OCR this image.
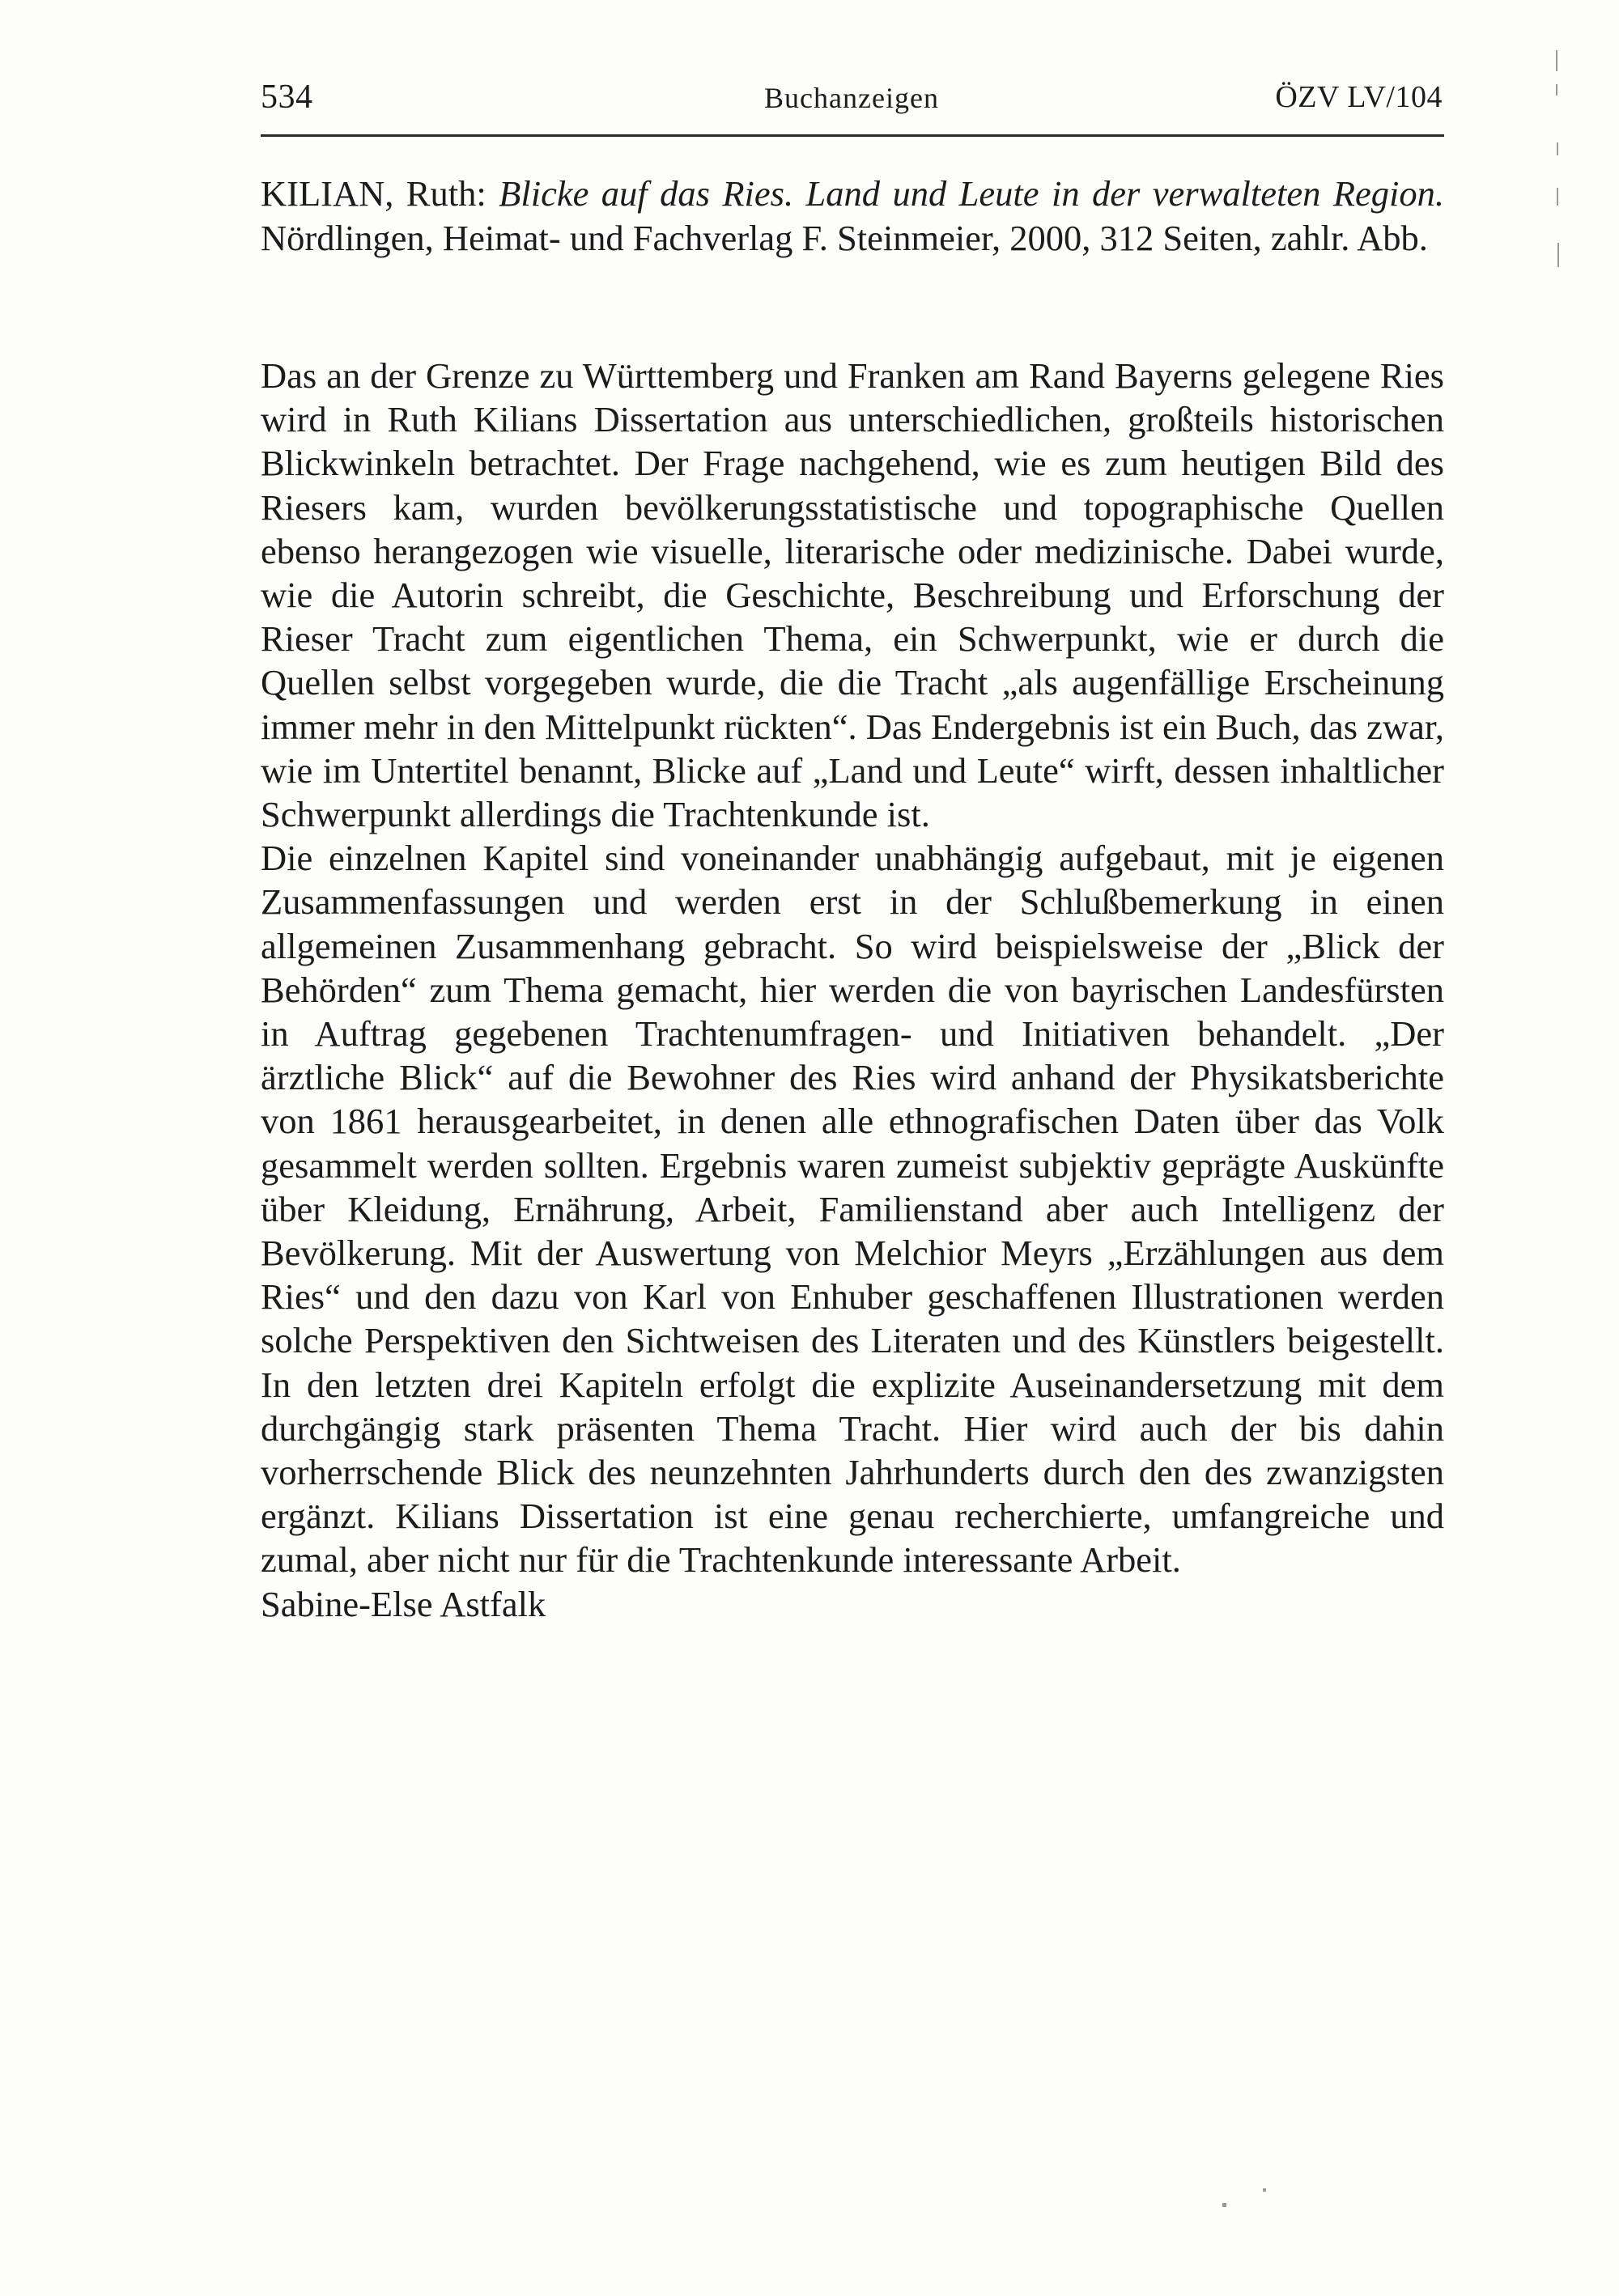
534	Buchanzeigen	ÖZV LV/104
KILIAN, Ruth: Blicke auf das Ries. Land und Leute in der verwalteten Region. Nördlingen, Heimat- und Fachverlag F. Steinmeier, 2000, 312 Seiten, zahlr. Abb.

Das an der Grenze zu Württemberg und Franken am Rand Bayerns gelegene Ries wird in Ruth Kilians Dissertation aus unterschiedlichen, großteils historischen Blickwinkeln betrachtet. Der Frage nachgehend, wie es zum heutigen Bild des Riesers kam, wurden bevölkerungsstatistische und topographische Quellen ebenso herangezogen wie visuelle, literarische oder medizinische. Dabei wurde, wie die Autorin schreibt, die Geschichte, Beschreibung und Erforschung der Rieser Tracht zum eigentlichen Thema, ein Schwerpunkt, wie er durch die Quellen selbst vorgegeben wurde, die die Tracht „als augenfällige Erscheinung immer mehr in den Mittelpunkt rückten“. Das Endergebnis ist ein Buch, das zwar, wie im Untertitel benannt, Blicke auf „Land und Leute“ wirft, dessen inhaltlicher Schwerpunkt allerdings die Trachtenkunde ist.

Die einzelnen Kapitel sind voneinander unabhängig aufgebaut, mit je eigenen Zusammenfassungen und werden erst in der Schlußbemerkung in einen allgemeinen Zusammenhang gebracht. So wird beispielsweise der „Blick der Behörden“ zum Thema gemacht, hier werden die von bayrischen Landesfürsten in Auftrag gegebenen Trachtenumfragen- und Initiativen behandelt. „Der ärztliche Blick“ auf die Bewohner des Ries wird anhand der Physikatsberichte von 1861 herausgearbeitet, in denen alle ethnografischen Daten über das Volk gesammelt werden sollten. Ergebnis waren zumeist subjektiv geprägte Auskünfte über Kleidung, Ernährung, Arbeit, Familienstand aber auch Intelligenz der Bevölkerung. Mit der Auswertung von Melchior Meyrs „Erzählungen aus dem Ries“ und den dazu von Karl von Enhuber geschaffenen Illustrationen werden solche Perspektiven den Sichtweisen des Literaten und des Künstlers beigestellt. In den letzten drei Kapiteln erfolgt die explizite Auseinandersetzung mit dem durchgängig stark präsenten Thema Tracht. Hier wird auch der bis dahin vorherrschende Blick des neunzehnten Jahrhunderts durch den des zwanzigsten ergänzt. Kilians Dissertation ist eine genau recherchierte, umfangreiche und zumal, aber nicht nur für die Trachtenkunde interessante Arbeit.

Sabine-Else Astfalk
